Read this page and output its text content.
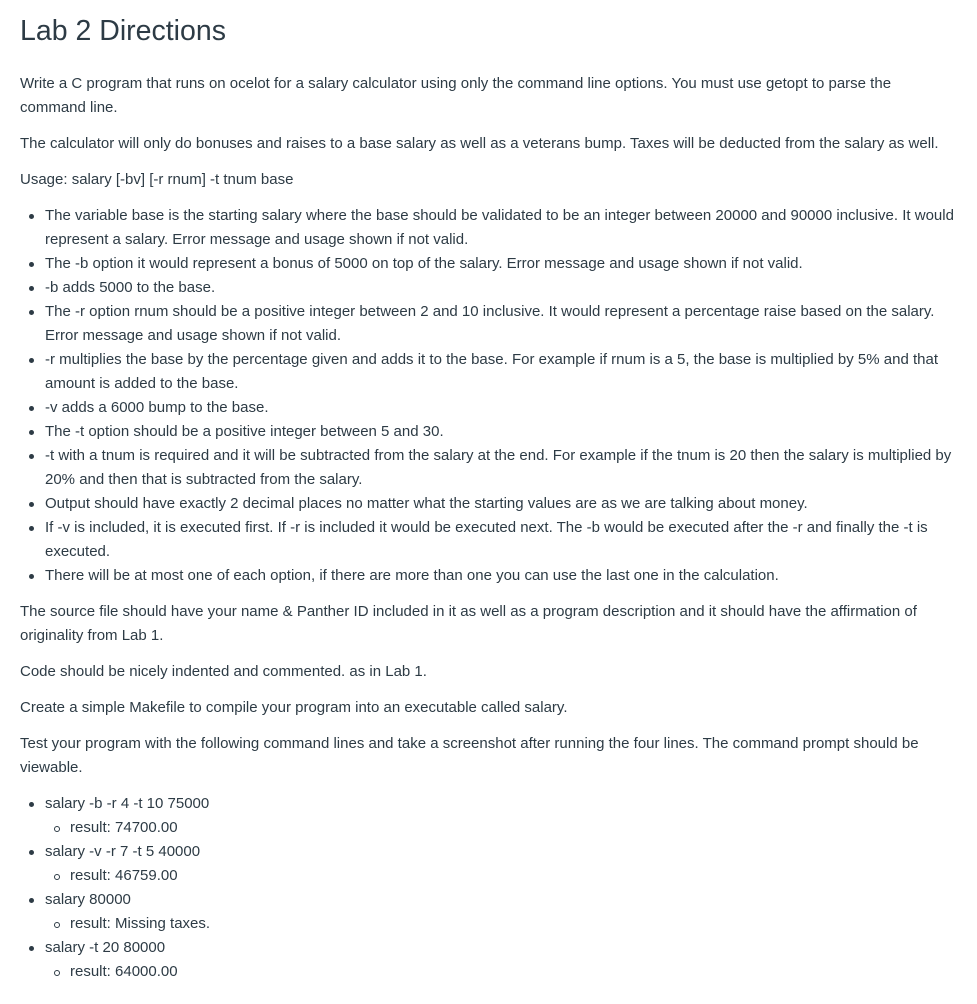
Lab 2 Directions

Write a C program that runs on ocelot for a salary calculator using only the command line options. You must use getopt to parse the command line.

The calculator will only do bonuses and raises to a base salary as well as a veterans bump. Taxes will be deducted from the salary as well.

Usage: salary [-bv] [-r rnum] -t tnum base

The variable base is the starting salary where the base should be validated to be an integer between 20000 and 90000 inclusive. It would represent a salary. Error message and usage shown if not valid.
The -b option it would represent a bonus of 5000 on top of the salary. Error message and usage shown if not valid.
-b adds 5000 to the base.
The -r option rnum should be a positive integer between 2 and 10 inclusive. It would represent a percentage raise based on the salary. Error message and usage shown if not valid.
-r multiplies the base by the percentage given and adds it to the base. For example if rnum is a 5, the base is multiplied by 5% and that amount is added to the base.
-v adds a 6000 bump to the base.
The -t option should be a positive integer between 5 and 30.
-t with a tnum is required and it will be subtracted from the salary at the end. For example if the tnum is 20 then the salary is multiplied by 20% and then that is subtracted from the salary.
Output should have exactly 2 decimal places no matter what the starting values are as we are talking about money.
If -v is included, it is executed first. If -r is included it would be executed next. The -b would be executed after the -r and finally the -t is executed.
There will be at most one of each option, if there are more than one you can use the last one in the calculation.

The source file should have your name & Panther ID included in it as well as a program description and it should have the affirmation of originality from Lab 1.

Code should be nicely indented and commented. as in Lab 1.

Create a simple Makefile to compile your program into an executable called salary.

Test your program with the following command lines and take a screenshot after running the four lines. The command prompt should be viewable.

salary -b -r 4 -t 10 75000
result: 74700.00
salary -v -r 7 -t 5 40000
result: 46759.00
salary 80000
result: Missing taxes.
salary -t 20 80000
result: 64000.00
